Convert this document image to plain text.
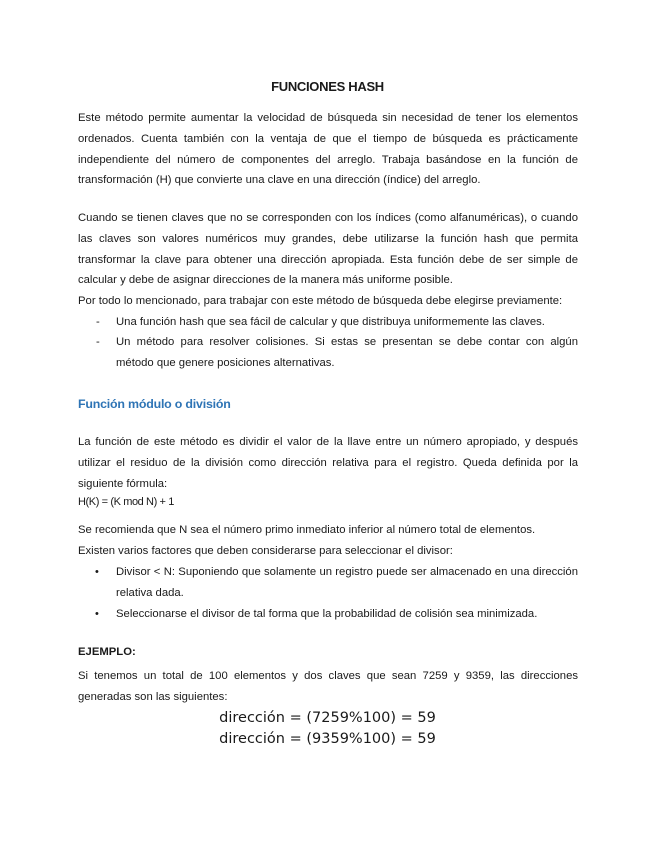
FUNCIONES HASH
Este método permite aumentar la velocidad de búsqueda sin necesidad de tener los elementos ordenados. Cuenta también con la ventaja de que el tiempo de búsqueda es prácticamente independiente del número de componentes del arreglo. Trabaja basándose en la función de transformación (H) que convierte una clave en una dirección (índice) del arreglo.
Cuando se tienen claves que no se corresponden con los índices (como alfanuméricas), o cuando las claves son valores numéricos muy grandes, debe utilizarse la función hash que permita transformar la clave para obtener una dirección apropiada. Esta función debe de ser simple de calcular y debe de asignar direcciones de la manera más uniforme posible.
Por todo lo mencionado, para trabajar con este método de búsqueda debe elegirse previamente:
- Una función hash que sea fácil de calcular y que distribuya uniformemente las claves.
- Un método para resolver colisiones. Si estas se presentan se debe contar con algún método que genere posiciones alternativas.
Función módulo o división
La función de este método es dividir el valor de la llave entre un número apropiado, y después utilizar el residuo de la división como dirección relativa para el registro. Queda definida por la siguiente fórmula:
H(K) = (K mod N) + 1
Se recomienda que N sea el número primo inmediato inferior al número total de elementos.
Existen varios factores que deben considerarse para seleccionar el divisor:
• Divisor < N: Suponiendo que solamente un registro puede ser almacenado en una dirección relativa dada.
• Seleccionarse el divisor de tal forma que la probabilidad de colisión sea minimizada.
EJEMPLO:
Si tenemos un total de 100 elementos y dos claves que sean 7259 y 9359, las direcciones generadas son las siguientes:
dirección = (7259%100) = 59
dirección = (9359%100) = 59
